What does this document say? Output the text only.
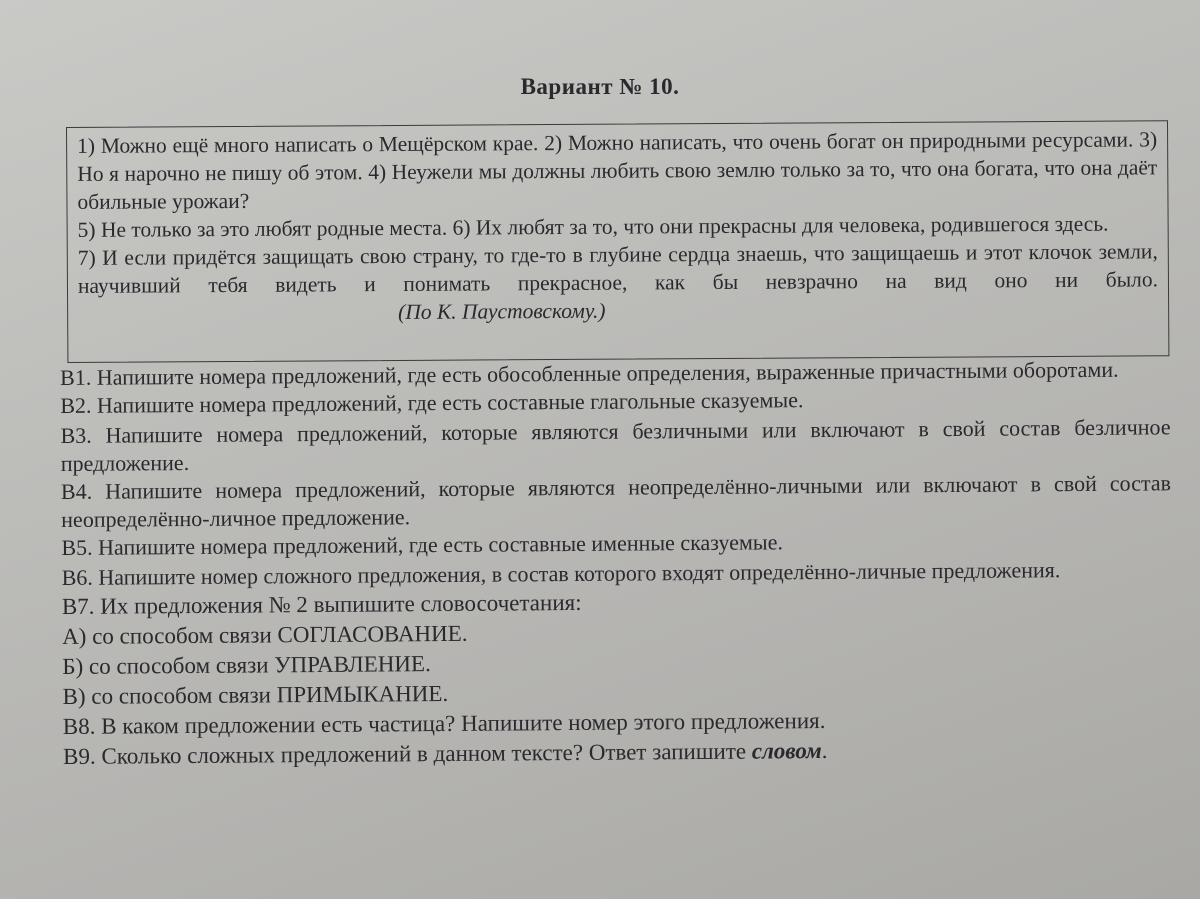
Вариант № 10.

1) Можно ещё много написать о Мещёрском крае. 2) Можно написать, что очень богат он природными ресурсами. 3) Но я нарочно не пишу об этом. 4) Неужели мы должны любить свою землю только за то, что она богата, что она даёт обильные урожаи?

5) Не только за это любят родные места. 6) Их любят за то, что они прекрасны для человека, родившегося здесь.

7) И если придётся защищать свою страну, то где-то в глубине сердца знаешь, что защищаешь и этот клочок земли, научивший тебя видеть и понимать прекрасное, как бы невзрачно на вид оно ни было.(По К. Паустовскому.)

В1. Напишите номера предложений, где есть обособленные определения, выраженные причастными оборотами.

В2. Напишите номера предложений, где есть составные глагольные сказуемые.

В3. Напишите номера предложений, которые являются безличными или включают в свой состав безличное предложение.

В4. Напишите номера предложений, которые являются неопределённо-личными или включают в свой состав неопределённо-личное предложение.

В5. Напишите номера предложений, где есть составные именные сказуемые.

В6. Напишите номер сложного предложения, в состав которого входят определённо-личные предложения.

В7. Их предложения № 2 выпишите словосочетания:

А) со способом связи СОГЛАСОВАНИЕ.

Б) со способом связи УПРАВЛЕНИЕ.

В) со способом связи ПРИМЫКАНИЕ.

В8. В каком предложении есть частица? Напишите номер этого предложения.

В9. Сколько сложных предложений в данном тексте? Ответ запишите словом.
